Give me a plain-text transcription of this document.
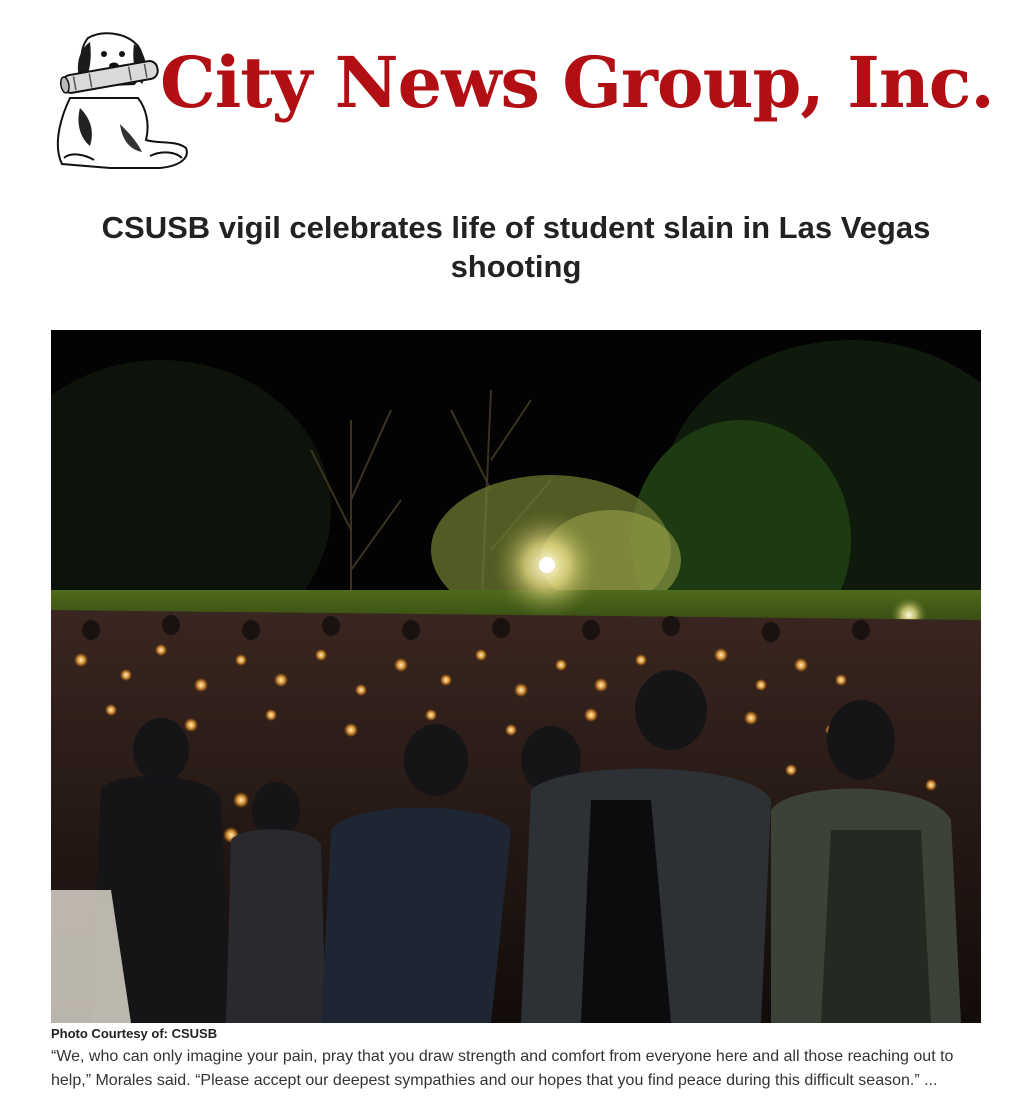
City News Group, Inc.
CSUSB vigil celebrates life of student slain in Las Vegas shooting
Photo Courtesy of: CSUSB

“We, who can only imagine your pain, pray that you draw strength and comfort from everyone here and all those reaching out to help,” Morales said. “Please accept our deepest sympathies and our hopes that you find peace during this difficult season.” ...
